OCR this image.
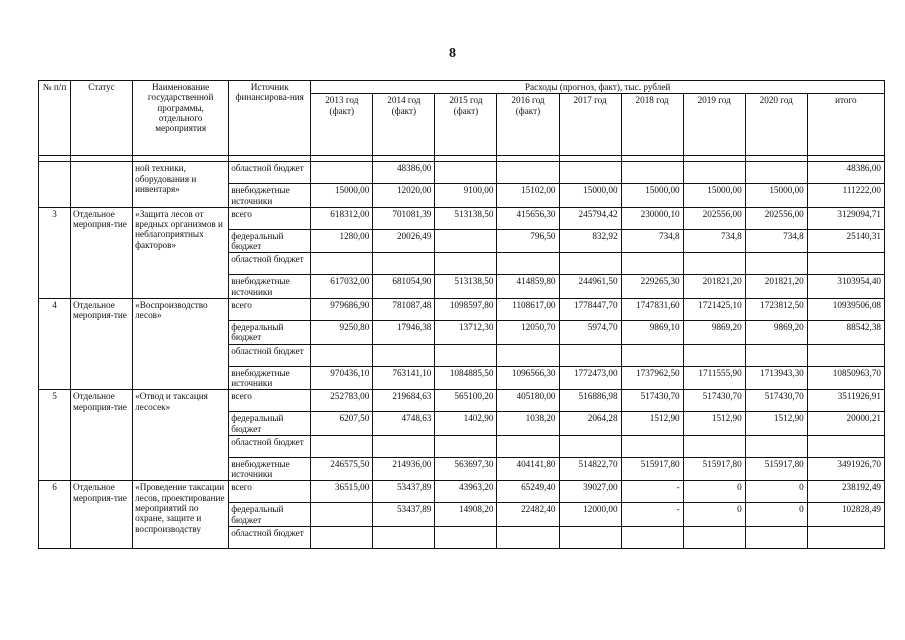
8
№ п/п	Статус	Наименование государственной программы, отдельного мероприятия	Источник финансирова-ния	Расходы (прогноз, факт), тыс. рублей								
				2013 год (факт)	2014 год (факт)	2015 год (факт)	2016 год (факт)	2017 год	2018 год	2019 год	2020 год	итого

		ной техники, оборудования и инвентаря»	областной бюджет		48386,00							48386,00
			внебюджетные источники	15000,00	12020,00	9100,00	15102,00	15000,00	15000,00	15000,00	15000,00	111222,00
3	Отдельное мероприя-тие	«Защита лесов от вредных организмов и неблагоприятных факторов»	всего	618312,00	701081,39	513138,50	415656,30	245794,42	230000,10	202556,00	202556,00	3129094,71
			федеральный бюджет	1280,00	20026,49		796,50	832,92	734,8	734,8	734,8	25140,31
			областной бюджет									
			внебюджетные источники	617032,00	681054,90	513138,50	414859,80	244961,50	229265,30	201821,20	201821,20	3103954,40
4	Отдельное мероприя-тие	«Воспроизводство лесов»	всего	979686,90	781087,48	1098597,80	1108617,00	1778447,70	1747831,60	1721425,10	1723812,50	10939506,08
			федеральный бюджет	9250,80	17946,38	13712,30	12050,70	5974,70	9869,10	9869,20	9869,20	88542,38
			областной бюджет									
			внебюджетные источники	970436,10	763141,10	1084885,50	1096566,30	1772473,00	1737962,50	1711555,90	1713943,30	10850963,70
5	Отдельное мероприя-тие	«Отвод и таксация лесосек»	всего	252783,00	219684,63	565100,20	405180,00	516886,98	517430,70	517430,70	517430,70	3511926,91
			федеральный бюджет	6207,50	4748,63	1402,90	1038,20	2064,28	1512,90	1512,90	1512,90	20000,21
			областной бюджет									
			внебюджетные источники	246575,50	214936,00	563697,30	404141,80	514822,70	515917,80	515917,80	515917,80	3491926,70
6	Отдельное мероприя-тие	«Проведение таксации лесов, проектирование мероприятий по охране, защите и воспроизводству	всего	36515,00	53437,89	43963,20	65249,40	39027,00	-	0	0	238192,49
			федеральный бюджет		53437,89	14908,20	22482,40	12000,00	-	0	0	102828,49
			областной бюджет									
